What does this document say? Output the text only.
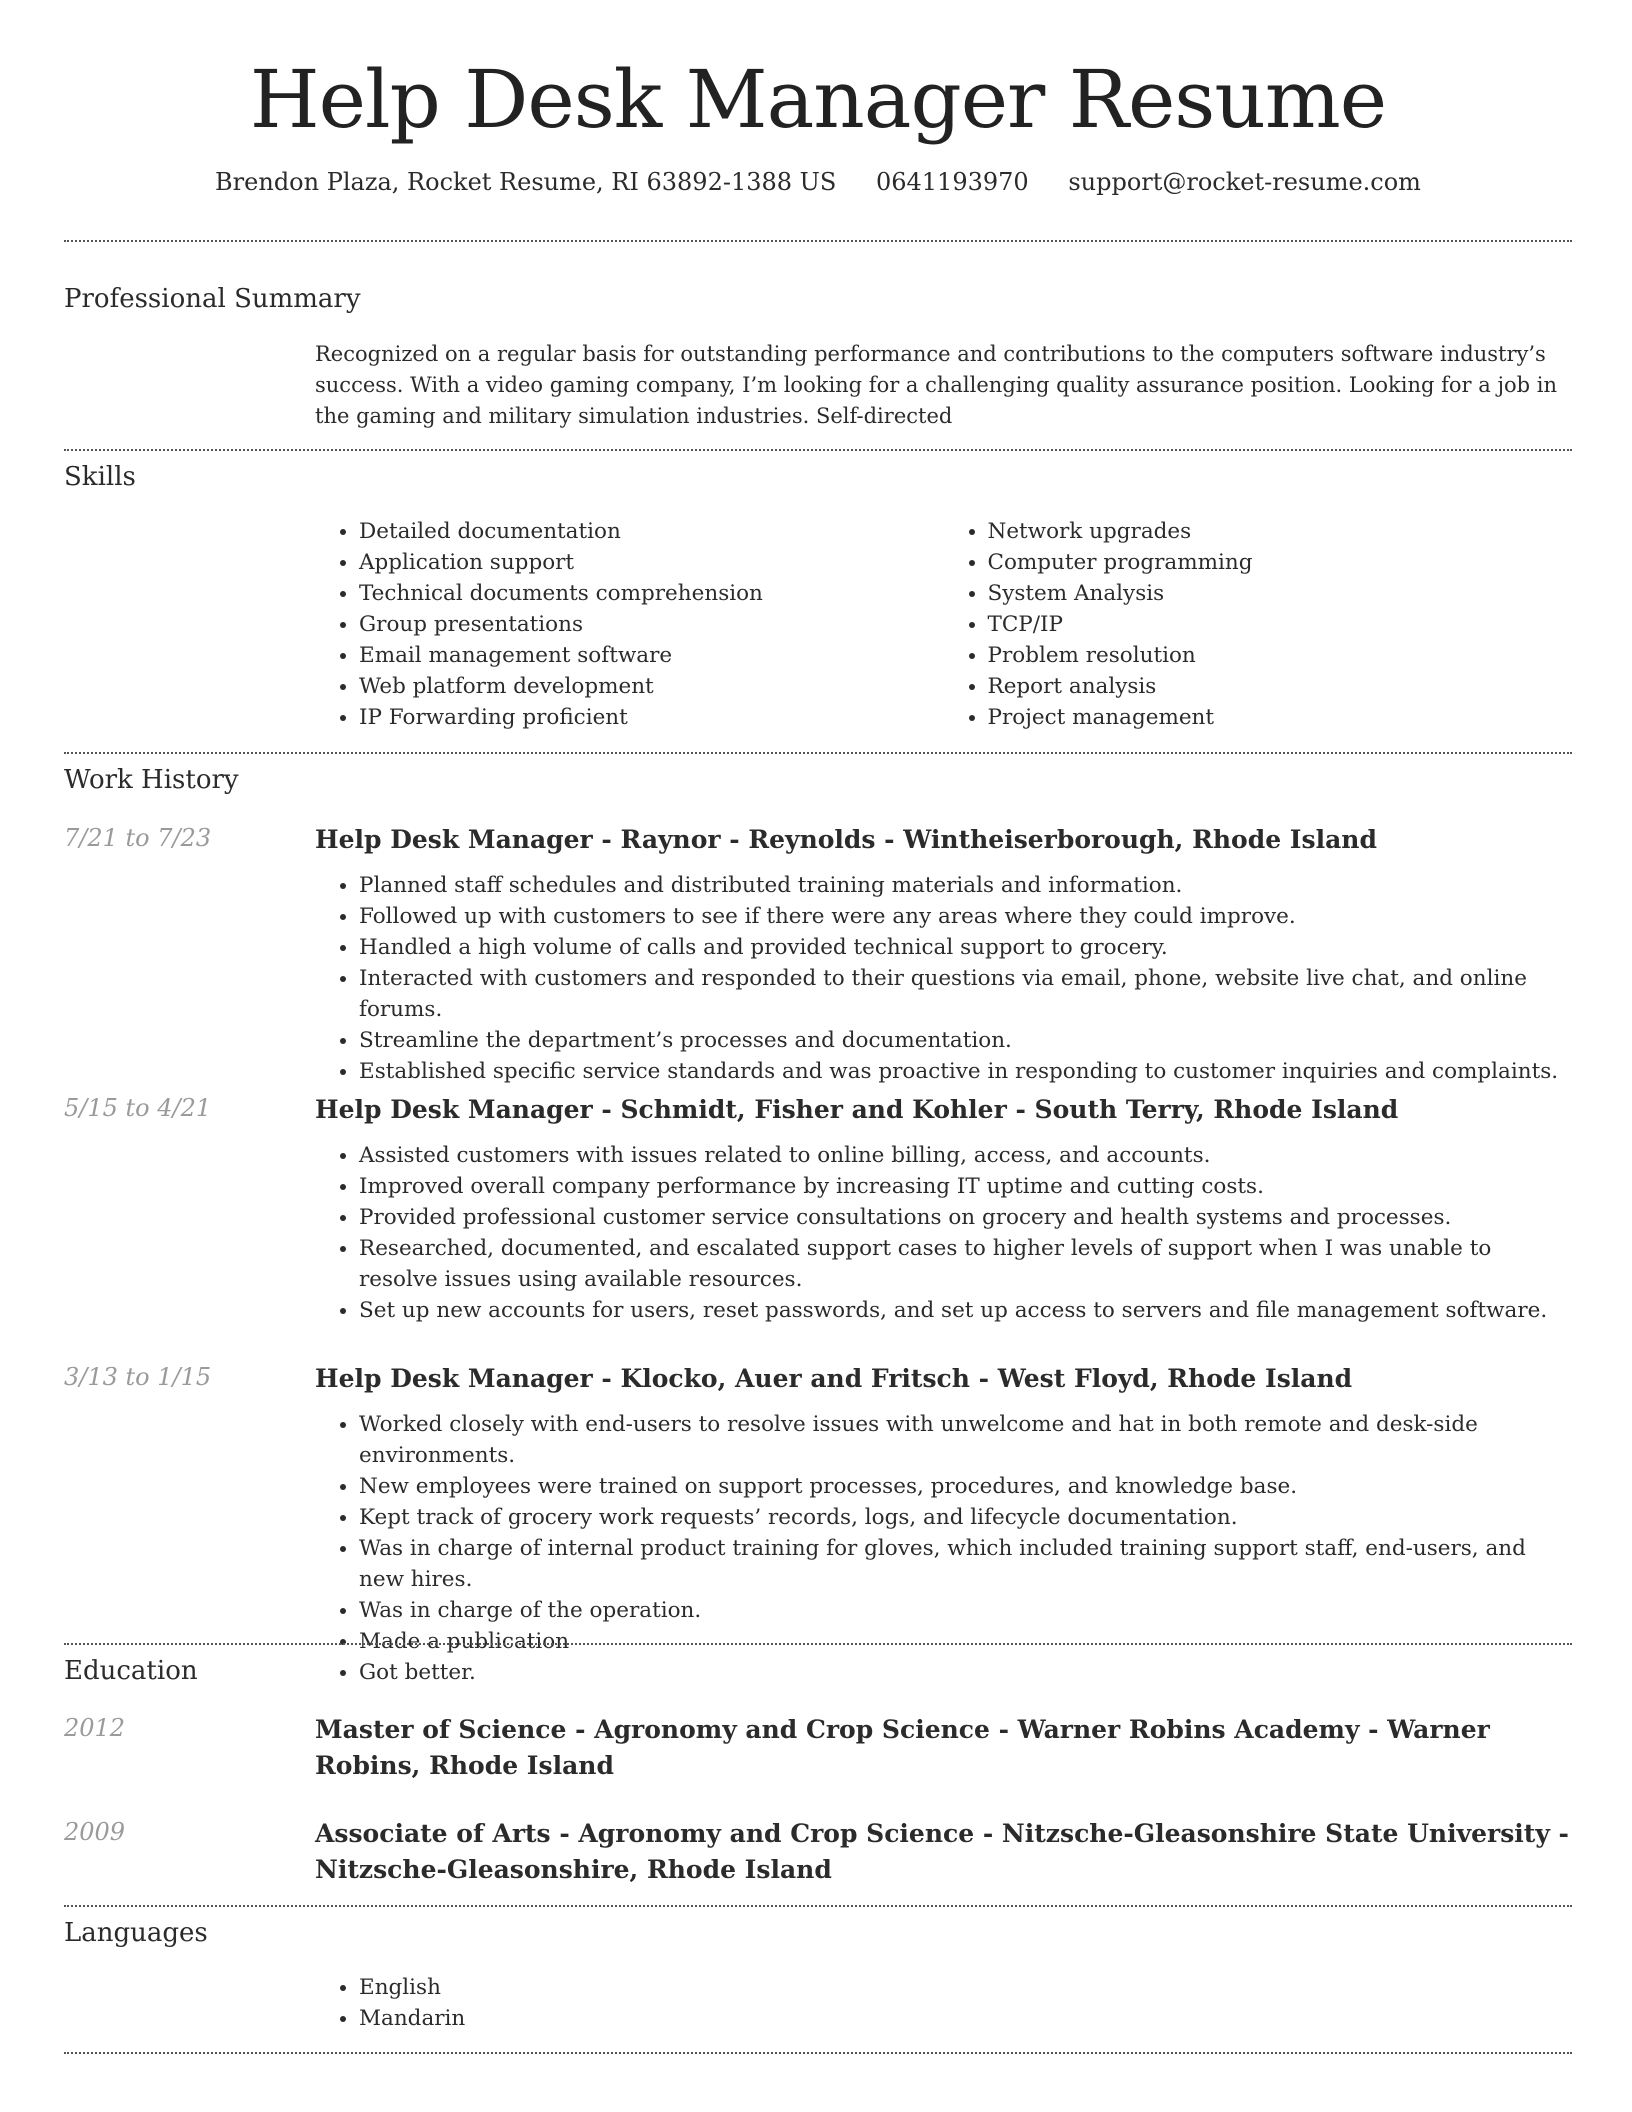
Help Desk Manager Resume
Brendon Plaza, Rocket Resume, RI 63892-1388 US 0641193970 support@rocket-resume.com
Professional Summary

Recognized on a regular basis for outstanding performance and contributions to the computers software industry’s success. With a video gaming company, I’m looking for a challenging quality assurance position. Looking for a job in the gaming and military simulation industries. Self-directed

Skills
• Detailed documentation
• Application support
• Technical documents comprehension
• Group presentations
• Email management software
• Web platform development
• IP Forwarding proficient
• Network upgrades
• Computer programming
• System Analysis
• TCP/IP
• Problem resolution
• Report analysis
• Project management
Work History
7/21 to 7/23	Help Desk Manager - Raynor - Reynolds - Wintheiserborough, Rhode Island
• Planned staff schedules and distributed training materials and information.
• Followed up with customers to see if there were any areas where they could improve.
• Handled a high volume of calls and provided technical support to grocery.
• Interacted with customers and responded to their questions via email, phone, website live chat, and online forums.
• Streamline the department’s processes and documentation.
• Established specific service standards and was proactive in responding to customer inquiries and complaints.
5/15 to 4/21	Help Desk Manager - Schmidt, Fisher and Kohler - South Terry, Rhode Island
• Assisted customers with issues related to online billing, access, and accounts.
• Improved overall company performance by increasing IT uptime and cutting costs.
• Provided professional customer service consultations on grocery and health systems and processes.
• Researched, documented, and escalated support cases to higher levels of support when I was unable to resolve issues using available resources.
• Set up new accounts for users, reset passwords, and set up access to servers and file management software.
3/13 to 1/15	Help Desk Manager - Klocko, Auer and Fritsch - West Floyd, Rhode Island
• Worked closely with end-users to resolve issues with unwelcome and hat in both remote and desk-side environments.
• New employees were trained on support processes, procedures, and knowledge base.
• Kept track of grocery work requests’ records, logs, and lifecycle documentation.
• Was in charge of internal product training for gloves, which included training support staff, end-users, and new hires.
• Was in charge of the operation.
• Made a publication
• Got better.
Education
2012	Master of Science - Agronomy and Crop Science - Warner Robins Academy - Warner Robins, Rhode Island
2009	Associate of Arts - Agronomy and Crop Science - Nitzsche-Gleasonshire State University - Nitzsche-Gleasonshire, Rhode Island
Languages
• English
• Mandarin
